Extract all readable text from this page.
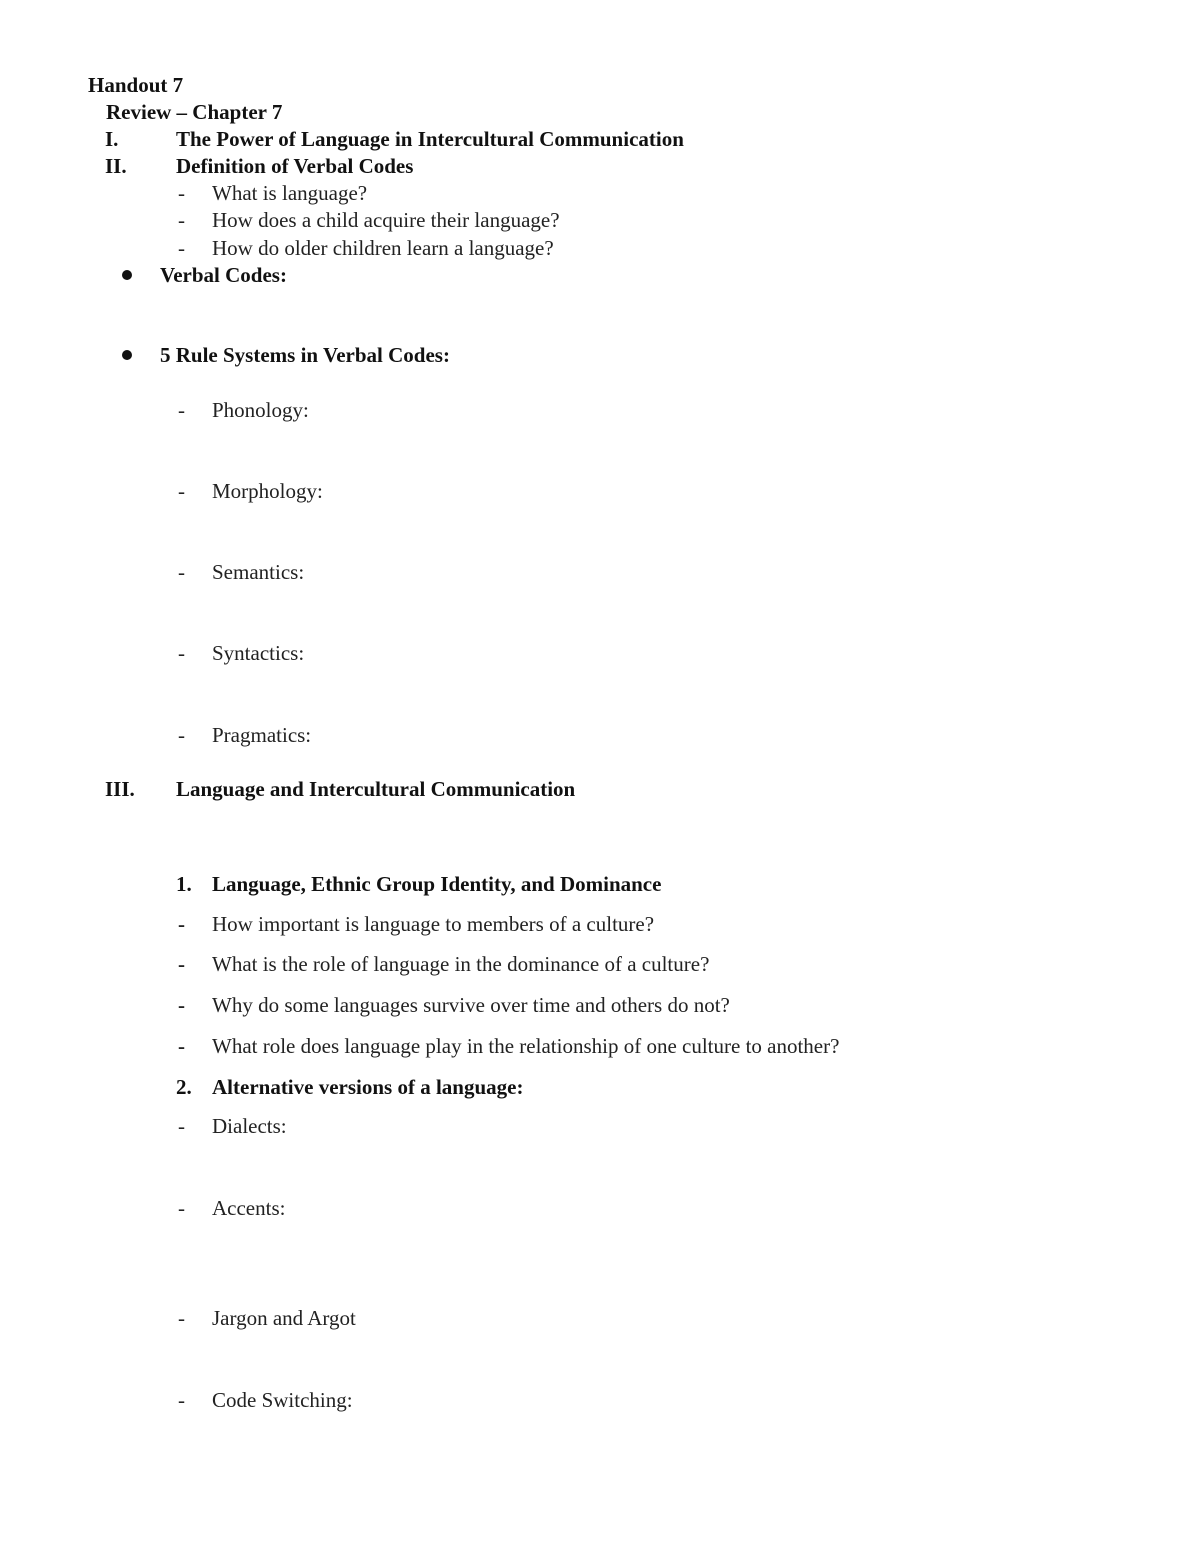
Handout 7
Review – Chapter 7
I.	The Power of Language in Intercultural Communication
II. Definition of Verbal Codes
- What is language?
- How does a child acquire their language?
- How do older children learn a language?
Verbal Codes:
5 Rule Systems in Verbal Codes:
- Phonology:
- Morphology:
- Semantics:
- Syntactics:
- Pragmatics:
III. Language and Intercultural Communication
1. Language, Ethnic Group Identity, and Dominance
- How important is language to members of a culture?
- What is the role of language in the dominance of a culture?
- Why do some languages survive over time and others do not?
- What role does language play in the relationship of one culture to another?
2. Alternative versions of a language:
- Dialects:
- Accents:
- Jargon and Argot
- Code Switching:
